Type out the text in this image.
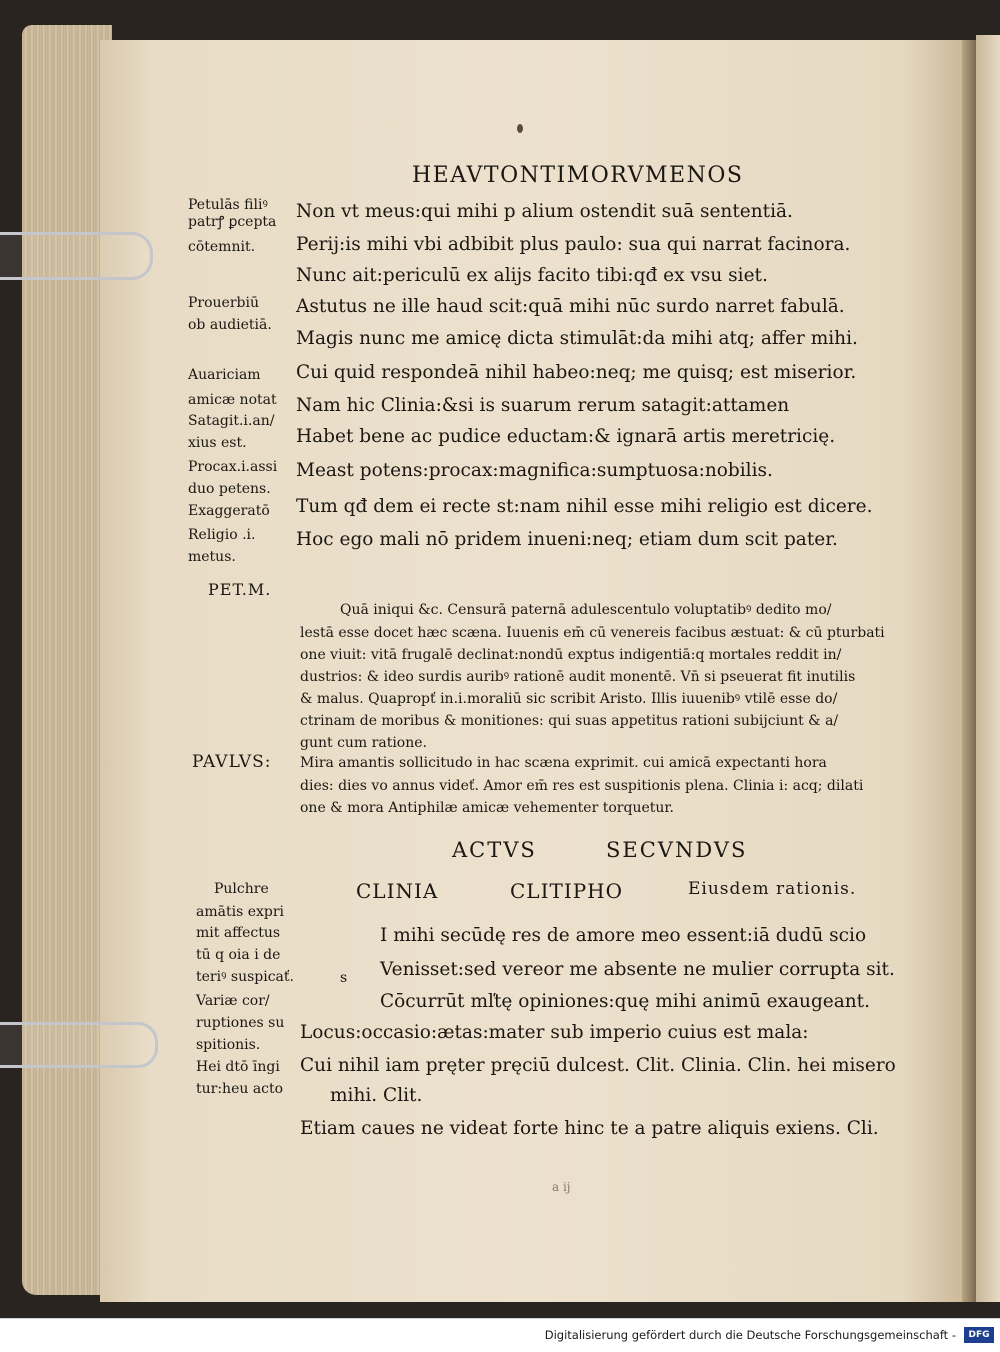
HEAVTONTIMORVMENOS
Non vt meus:qui mihi p alium ostendit suā sententiā.
Perij:is mihi vbi adbibit plus paulo: sua qui narrat facinora.
Nunc ait:periculū ex alijs facito tibi:qđ ex vsu siet.
Astutus ne ille haud scit:quā mihi nūc surdo narret fabulā.
Magis nunc me amicę dicta stimulāt:da mihi atq; affer mihi.
Cui quid respondeā nihil habeo:neq; me quisq; est miserior.
Nam hic Clinia:&si is suarum rerum satagit:attamen
Habet bene ac pudice eductam:& ignarā artis meretricię.
Meast potens:procax:magnifica:sumptuosa:nobilis.
Tum qđ dem ei recte st:nam nihil esse mihi religio est dicere.
Hoc ego mali nō pridem inueni:neq; etiam dum scit pater.
Petulās filiꝰ
patrꝭ ꝑcepta
cōtemnit.
Prouerbiū
ob audietiā.
Auariciam
amicæ notat
Satagit.i.an/
xius est.
Procax.i.assi
duo petens.
Exaggeratō
Religio .i.
metus.
PET.M.
Quā iniqui &c. Censurā paternā adulescentulo voluptatibꝰ dedito mo/
lestā esse docet hæc scæna. Iuuenis em̄ cū venereis facibus æstuat: & cū pturbati
one viuit: vitā frugalē declinat:nondū exptus indigentiā:q mortales reddit in/
dustrios: & ideo surdis auribꝰ rationē audit monentē. Vn̄ si pseuerat fit inutilis
& malus. Quapropť in.i.moraliū sic scribit Aristo. Illis iuuenibꝰ vtilē esse do/
ctrinam de moribus & monitiones: qui suas appetitus rationi subijciunt & a/
gunt cum ratione.
PAVLVS: Mira amantis sollicitudo in hac scæna exprimit. cui amicā expectanti hora
dies: dies vo annus videť. Amor em̄ res est suspitionis plena. Clinia i: acq; dilati
one & mora Antiphilæ amicæ vehementer torquetur.
ACTVS	SECVNDVS
CLINIA	CLITIPHO	Eiusdem rationis.
Pulchre
amātis expri
mit affectus
tū q oia i de
teriꝰ suspicať.
Variæ cor/
ruptiones su
spitionis.
Hei dtō īngi
tur:heu acto
s
I mihi secūdę res de amore meo essent:iā dudū scio
Venisset:sed vereor me absente ne mulier corrupta sit.
Cōcurrūt mľtę opiniones:quę mihi animū exaugeant.
Locus:occasio:ætas:mater sub imperio cuius est mala:
Cui nihil iam pręter pręciū dulcest. Clit. Clinia. Clin. hei misero
mihi. Clit.
Etiam caues ne videat forte hinc te a patre aliquis exiens. Cli.
a ij
Digitalisierung gefördert durch die Deutsche Forschungsgemeinschaft -	DFG
